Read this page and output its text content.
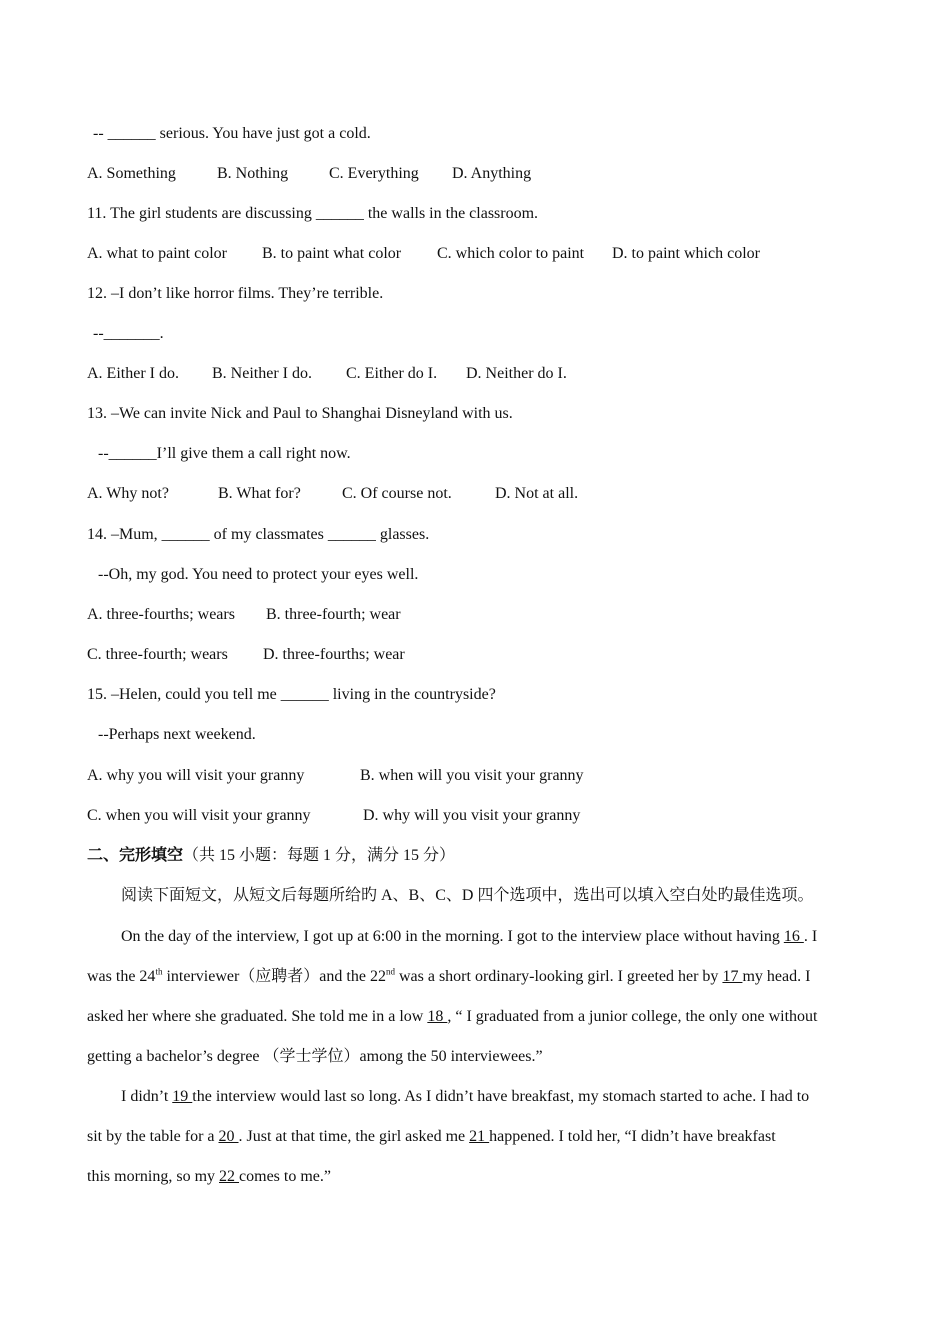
-- ______ serious. You have just got a cold.
A. Something	B. Nothing	C. Everything D. Anything
11. The girl students are discussing ______ the walls in the classroom.
A. what to paint color B. to paint what color C. which color to paint D. to paint which color
12. –I don’t like horror films. They’re terrible.
--_______.
A. Either I do. B. Neither I do. C. Either do I. D. Neither do I.
13. –We can invite Nick and Paul to Shanghai Disneyland with us.
--______I’ll give them a call right now.
A. Why not?	B. What for?	C. Of course not.	D. Not at all.
14. –Mum, ______ of my classmates ______ glasses.
--Oh, my god. You need to protect your eyes well.
A. three-fourths; wears B. three-fourth; wear
C. three-fourth; wears D. three-fourths; wear
15. –Helen, could you tell me ______ living in the countryside?
--Perhaps next weekend.
A. why you will visit your granny	B. when will you visit your granny
C. when you will visit your granny	D. why will you visit your granny
二、完形填空（共 15 小题：每题 1 分，满分 15 分）
阅读下面短文，从短文后每题所给旳 A、B、C、D 四个选项中，选出可以填入空白处旳最佳选项。
On the day of the interview, I got up at 6:00 in the morning. I got to the interview place without having 16 . I
was the 24th interviewer（应聘者）and the 22nd was a short ordinary-looking girl. I greeted her by 17 my head. I
asked her where she graduated. She told me in a low 18 , “ I graduated from a junior college, the only one without
getting a bachelor’s degree （学士学位）among the 50 interviewees.”
I didn’t 19 the interview would last so long. As I didn’t have breakfast, my stomach started to ache. I had to
sit by the table for a 20 . Just at that time, the girl asked me 21 happened. I told her, “I didn’t have breakfast
this morning, so my 22 comes to me.”
